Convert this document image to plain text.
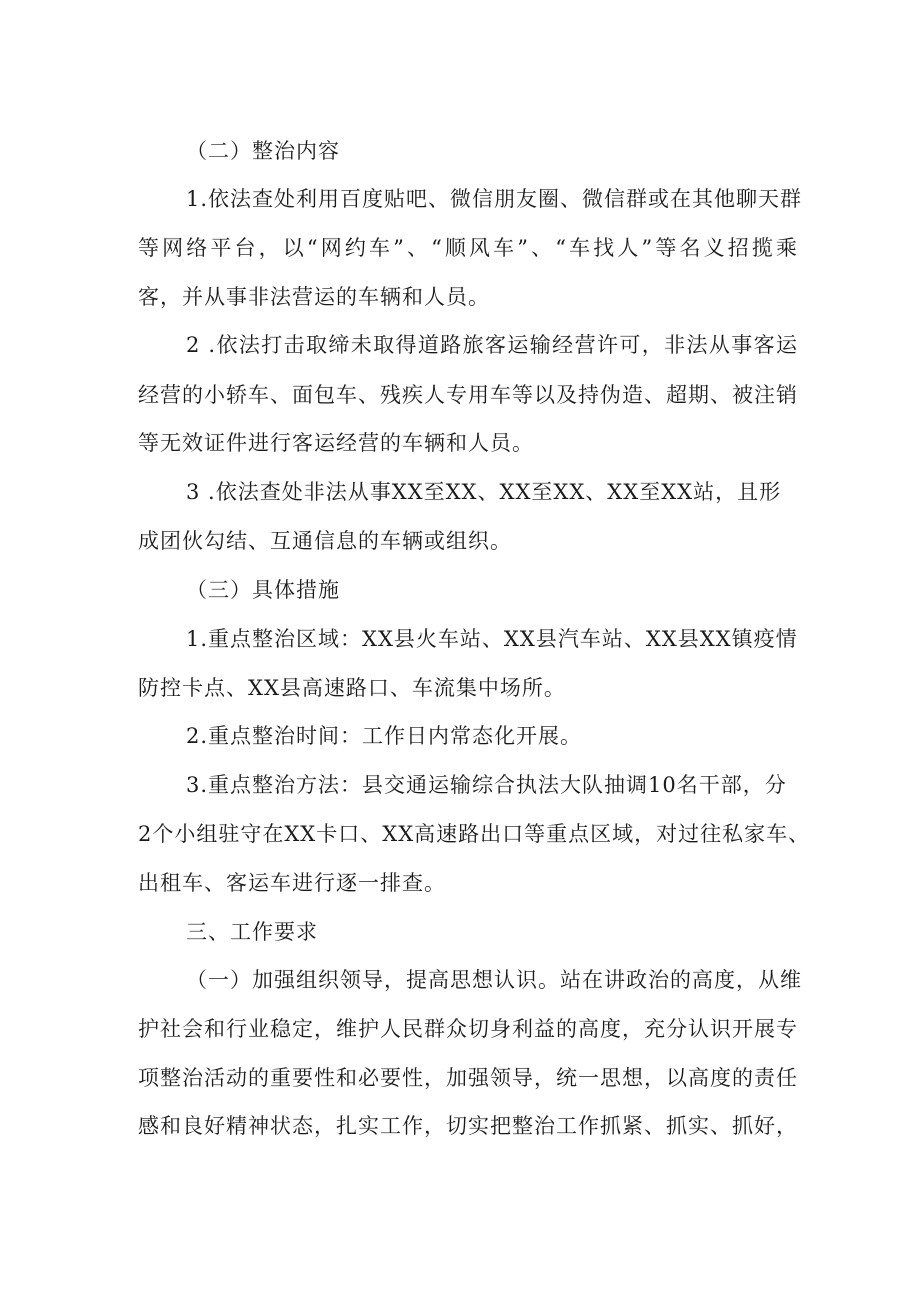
（二）整治内容
1.依法查处利用百度贴吧、微信朋友圈、微信群或在其他聊天群
等网络平台，以“网约车”、“顺风车”、“车找人”等名义招揽乘
客，并从事非法营运的车辆和人员。
2 .依法打击取缔未取得道路旅客运输经营许可，非法从事客运
经营的小轿车、面包车、残疾人专用车等以及持伪造、超期、被注销
等无效证件进行客运经营的车辆和人员。
3 .依法查处非法从事XX至XX、XX至XX、XX至XX站，且形
成团伙勾结、互通信息的车辆或组织。
（三）具体措施
1.重点整治区域：XX县火车站、XX县汽车站、XX县XX镇疫情
防控卡点、XX县高速路口、车流集中场所。
2.重点整治时间：工作日内常态化开展。
3.重点整治方法：县交通运输综合执法大队抽调10名干部，分
2个小组驻守在XX卡口、XX高速路出口等重点区域，对过往私家车、
出租车、客运车进行逐一排查。
三、工作要求
（一）加强组织领导，提高思想认识。站在讲政治的高度，从维
护社会和行业稳定，维护人民群众切身利益的高度，充分认识开展专
项整治活动的重要性和必要性，加强领导，统一思想，以高度的责任
感和良好精神状态，扎实工作，切实把整治工作抓紧、抓实、抓好，
